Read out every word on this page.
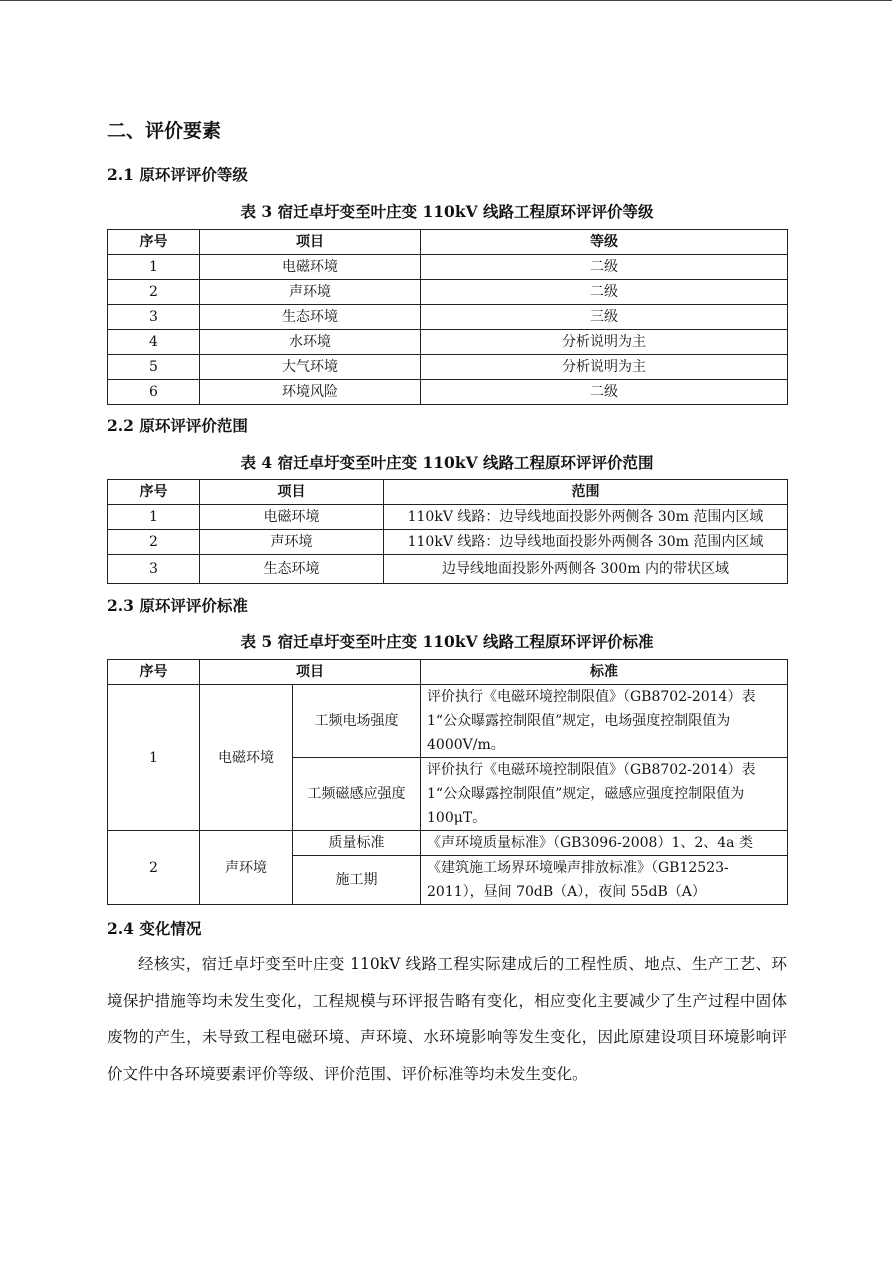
二、评价要素
2.1 原环评评价等级
表 3 宿迁卓圩变至叶庄变 110kV 线路工程原环评评价等级
序号	项目	等级
1	电磁环境	二级
2	声环境	二级
3	生态环境	三级
4	水环境	分析说明为主
5	大气环境	分析说明为主
6	环境风险	二级
2.2 原环评评价范围
表 4 宿迁卓圩变至叶庄变 110kV 线路工程原环评评价范围
序号	项目	范围
1	电磁环境	110kV 线路：边导线地面投影外两侧各 30m 范围内区域
2	声环境	110kV 线路：边导线地面投影外两侧各 30m 范围内区域
3	生态环境	边导线地面投影外两侧各 300m 内的带状区域
2.3 原环评评价标准
表 5 宿迁卓圩变至叶庄变 110kV 线路工程原环评评价标准
序号	项目		标准
1	电磁环境	工频电场强度	评价执行《电磁环境控制限值》（GB8702-2014）表1“公众曝露控制限值”规定，电场强度控制限值为4000V/m。
		工频磁感应强度	评价执行《电磁环境控制限值》（GB8702-2014）表1“公众曝露控制限值”规定，磁感应强度控制限值为 100μT。
2	声环境	质量标准	《声环境质量标准》（GB3096-2008）1、2、4a 类
		施工期	《建筑施工场界环境噪声排放标准》（GB12523-2011），昼间 70dB（A），夜间 55dB（A）
2.4 变化情况
经核实，宿迁卓圩变至叶庄变 110kV 线路工程实际建成后的工程性质、地点、生产工艺、环境保护措施等均未发生变化，工程规模与环评报告略有变化，相应变化主要减少了生产过程中固体废物的产生，未导致工程电磁环境、声环境、水环境影响等发生变化，因此原建设项目环境影响评价文件中各环境要素评价等级、评价范围、评价标准等均未发生变化。
